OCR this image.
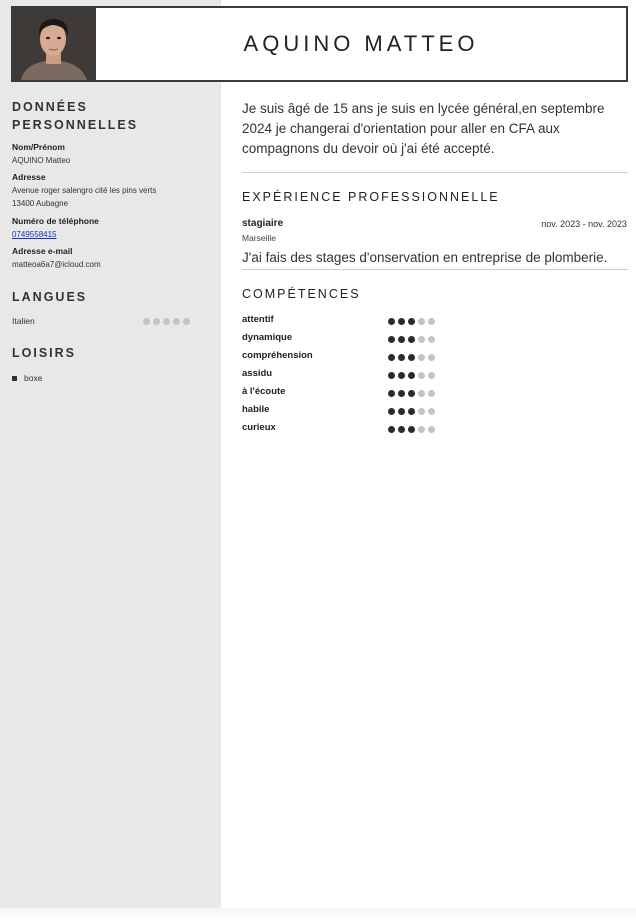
AQUINO MATTEO
DONNÉES
PERSONNELLES
Nom/Prénom
AQUINO Matteo
Adresse
Avenue roger salengro cité les pins verts
13400 Aubagne
Numéro de téléphone
0749558415
Adresse e-mail
matteoa6a7@icloud.com
LANGUES
Italien
LOISIRS
boxe
Je suis âgé de 15 ans je suis en lycée général,en septembre 2024 je changerai d'orientation pour aller en CFA aux compagnons du devoir où j'ai été accepté.
EXPÉRIENCE PROFESSIONNELLE
stagiaire
Marseille
nov. 2023 - nov. 2023
J'ai fais des stages d'onservation en entreprise de plomberie.
COMPÉTENCES
attentif
dynamique
compréhension
assidu
à l'écoute
habile
curieux
